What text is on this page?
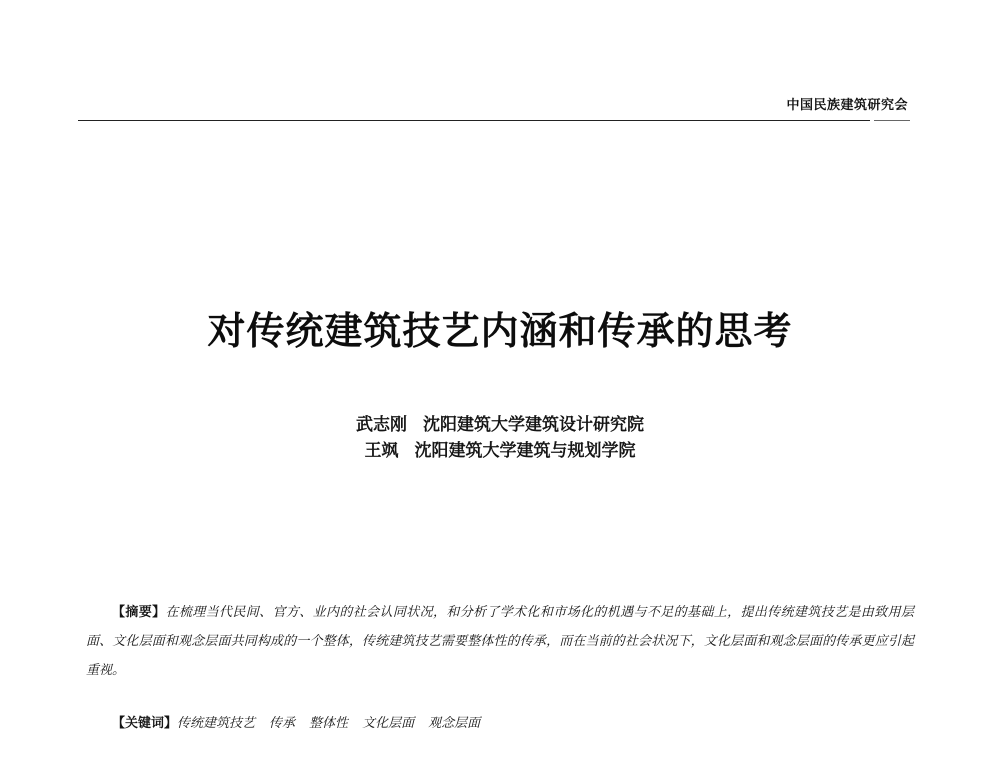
中国民族建筑研究会
对传统建筑技艺内涵和传承的思考
武志刚 沈阳建筑大学建筑设计研究院
王飒 沈阳建筑大学建筑与规划学院
【摘要】在梳理当代民间、官方、业内的社会认同状况，和分析了学术化和市场化的机遇与不足的基础上，提出传统建筑技艺是由致用层面、文化层面和观念层面共同构成的一个整体，传统建筑技艺需要整体性的传承，而在当前的社会状况下，文化层面和观念层面的传承更应引起重视。
【关键词】传统建筑技艺 传承 整体性 文化层面 观念层面
